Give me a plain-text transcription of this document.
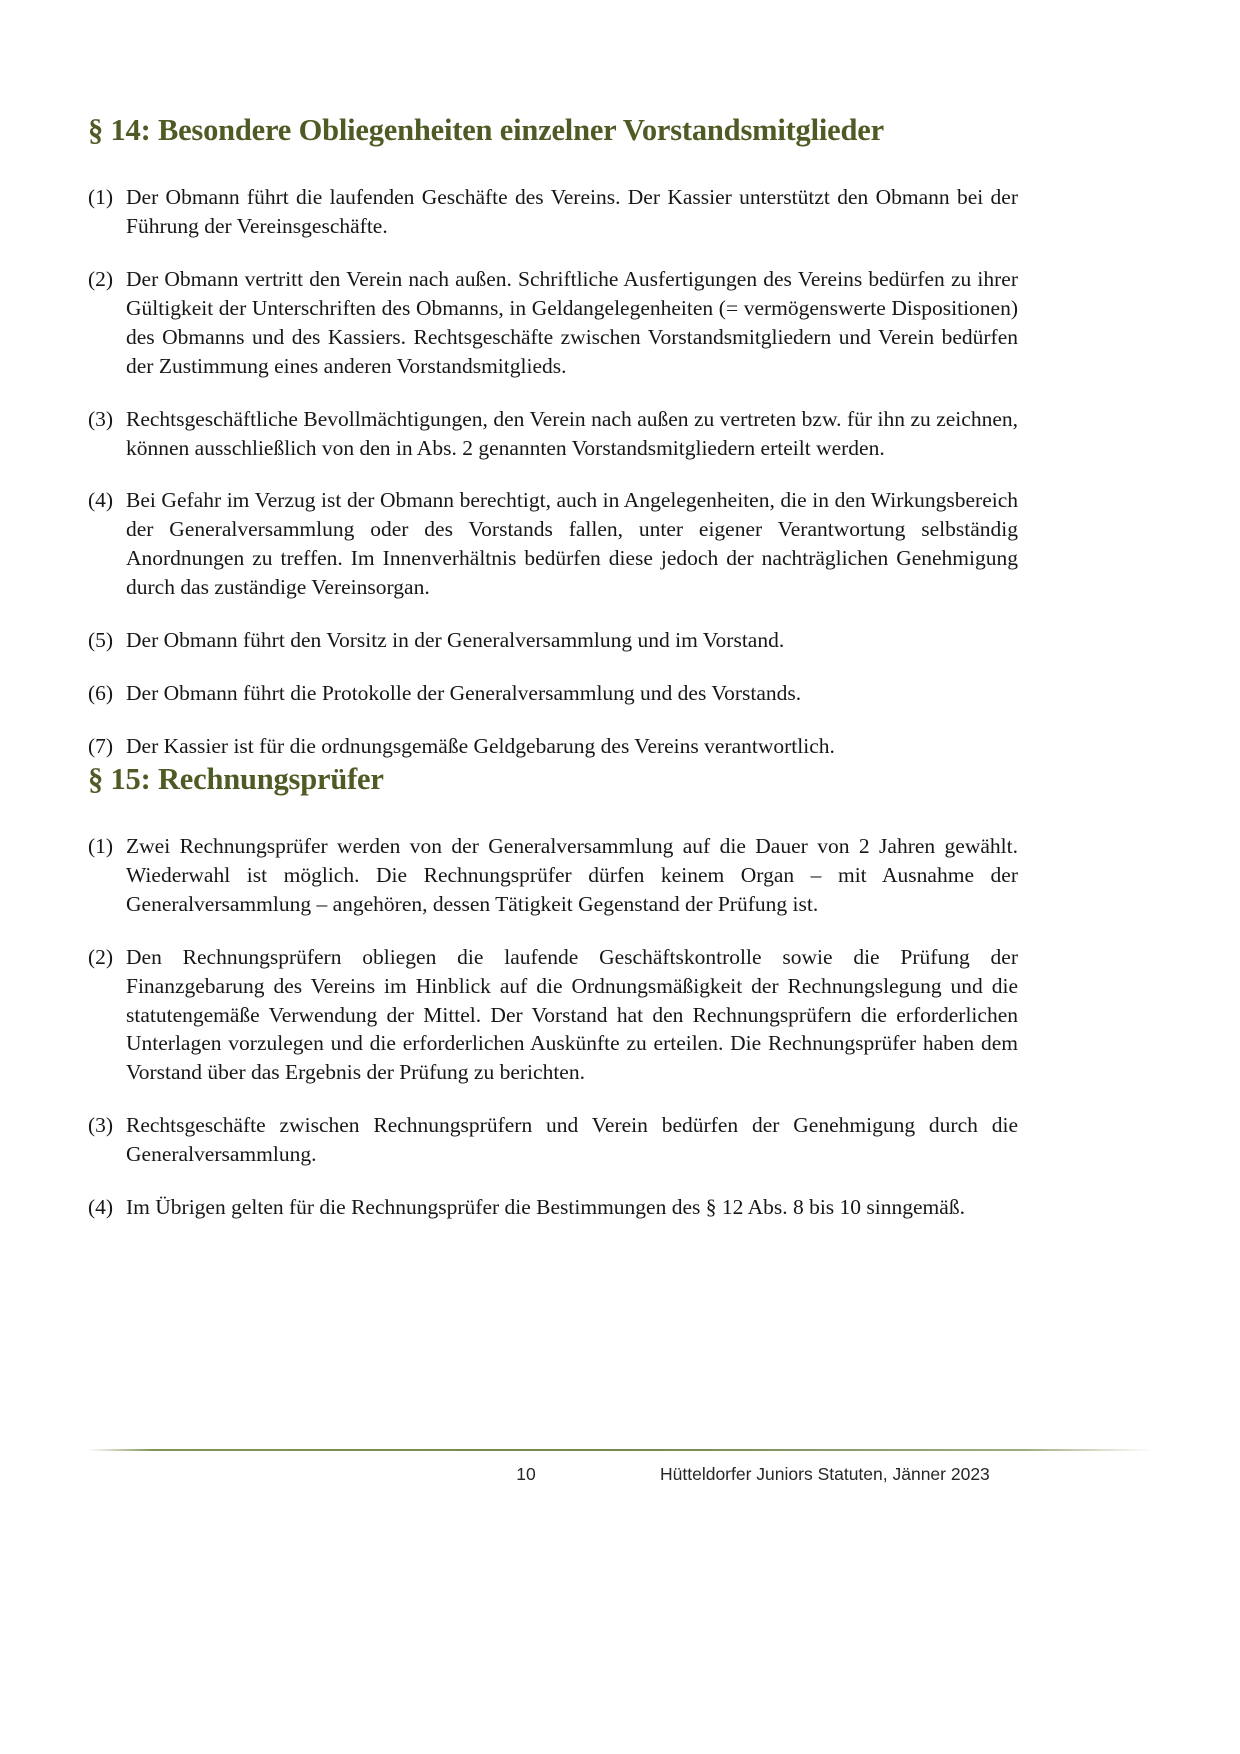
§ 14: Besondere Obliegenheiten einzelner Vorstandsmitglieder
(1) Der Obmann führt die laufenden Geschäfte des Vereins. Der Kassier unterstützt den Obmann bei der Führung der Vereinsgeschäfte.
(2) Der Obmann vertritt den Verein nach außen. Schriftliche Ausfertigungen des Vereins bedürfen zu ihrer Gültigkeit der Unterschriften des Obmanns, in Geldangelegenheiten (= vermögenswerte Dispositionen) des Obmanns und des Kassiers. Rechtsgeschäfte zwischen Vorstandsmitgliedern und Verein bedürfen der Zustimmung eines anderen Vorstandsmitglieds.
(3) Rechtsgeschäftliche Bevollmächtigungen, den Verein nach außen zu vertreten bzw. für ihn zu zeichnen, können ausschließlich von den in Abs. 2 genannten Vorstandsmitgliedern erteilt werden.
(4) Bei Gefahr im Verzug ist der Obmann berechtigt, auch in Angelegenheiten, die in den Wirkungsbereich der Generalversammlung oder des Vorstands fallen, unter eigener Verantwortung selbständig Anordnungen zu treffen. Im Innenverhältnis bedürfen diese jedoch der nachträglichen Genehmigung durch das zuständige Vereinsorgan.
(5) Der Obmann führt den Vorsitz in der Generalversammlung und im Vorstand.
(6) Der Obmann führt die Protokolle der Generalversammlung und des Vorstands.
(7) Der Kassier ist für die ordnungsgemäße Geldgebarung des Vereins verantwortlich.
§ 15: Rechnungsprüfer
(1) Zwei Rechnungsprüfer werden von der Generalversammlung auf die Dauer von 2 Jahren gewählt. Wiederwahl ist möglich. Die Rechnungsprüfer dürfen keinem Organ – mit Ausnahme der Generalversammlung – angehören, dessen Tätigkeit Gegenstand der Prüfung ist.
(2) Den Rechnungsprüfern obliegen die laufende Geschäftskontrolle sowie die Prüfung der Finanzgebarung des Vereins im Hinblick auf die Ordnungsmäßigkeit der Rechnungslegung und die statutengemäße Verwendung der Mittel. Der Vorstand hat den Rechnungsprüfern die erforderlichen Unterlagen vorzulegen und die erforderlichen Auskünfte zu erteilen. Die Rechnungsprüfer haben dem Vorstand über das Ergebnis der Prüfung zu berichten.
(3) Rechtsgeschäfte zwischen Rechnungsprüfern und Verein bedürfen der Genehmigung durch die Generalversammlung.
(4) Im Übrigen gelten für die Rechnungsprüfer die Bestimmungen des § 12 Abs. 8 bis 10 sinngemäß.
10	Hütteldorfer Juniors Statuten, Jänner 2023
